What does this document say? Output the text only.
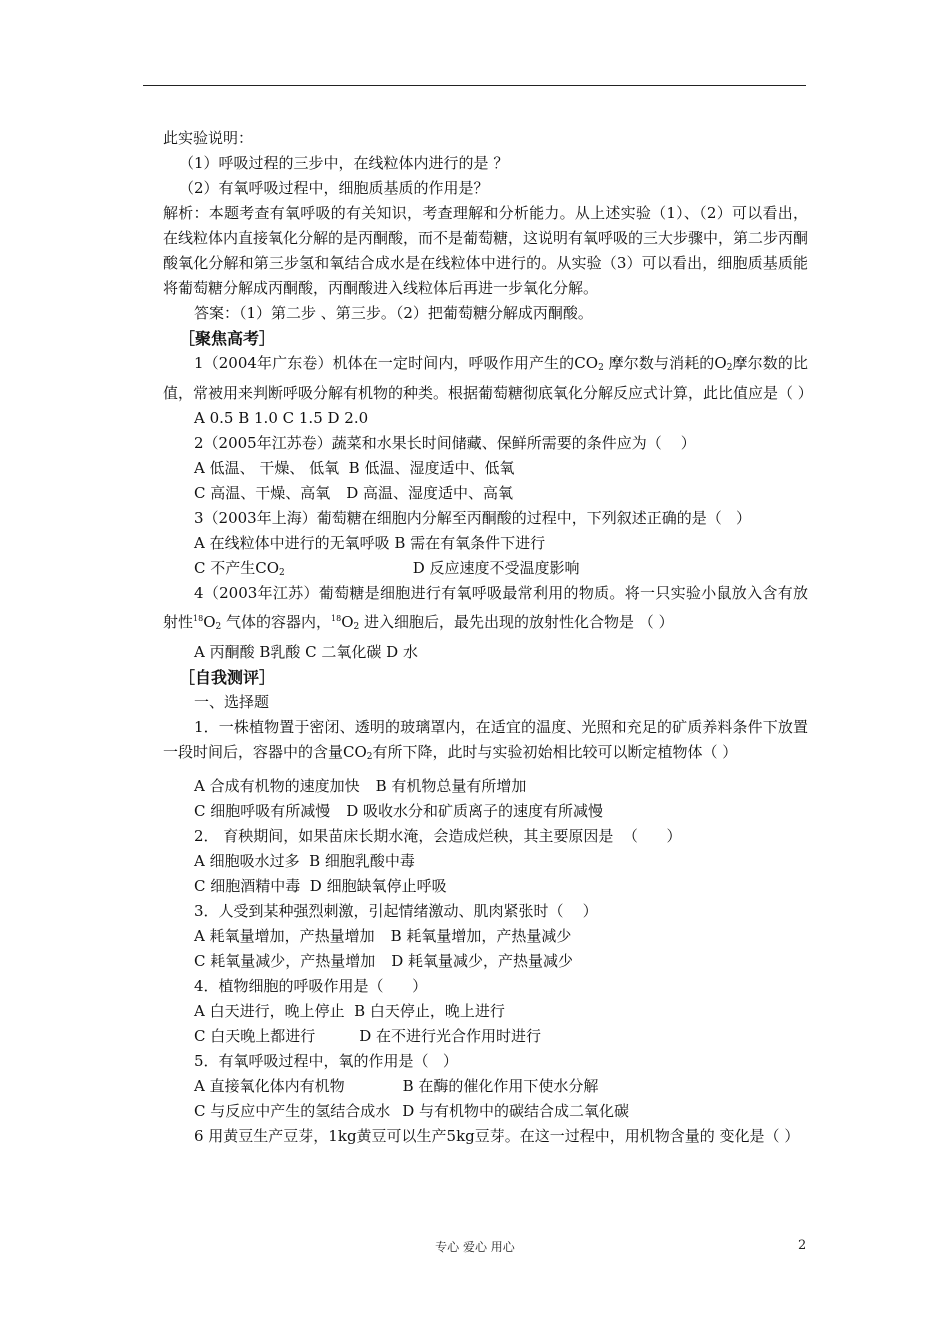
此实验说明：
（1）呼吸过程的三步中，在线粒体内进行的是 ？
（2）有氧呼吸过程中，细胞质基质的作用是？
解析：本题考查有氧呼吸的有关知识，考查理解和分析能力。从上述实验（1）、（2）可以看出，在线粒体内直接氧化分解的是丙酮酸，而不是葡萄糖，这说明有氧呼吸的三大步骤中，第二步丙酮酸氧化分解和第三步氢和氧结合成水是在线粒体中进行的。从实验（3）可以看出，细胞质基质能将葡萄糖分解成丙酮酸，丙酮酸进入线粒体后再进一步氧化分解。
答案：（1）第二步 、第三步。（2）把葡萄糖分解成丙酮酸。
［聚焦高考］
1（2004年广东卷）机体在一定时间内，呼吸作用产生的$CO_2$ 摩尔数与消耗的$O_2$摩尔数的比值，常被用来判断呼吸分解有机物的种类。根据葡萄糖彻底氧化分解反应式计算，此比值应是（ ）
A 0.5 B 1.0 C 1.5 D 2.0
2（2005年江苏卷）蔬菜和水果长时间储藏、保鲜所需要的条件应为（    ）
A 低温、 干燥、 低氧  B 低温、湿度适中、低氧
C 高温、干燥、高氧 D 高温、湿度适中、高氧
3（2003年上海）葡萄糖在细胞内分解至丙酮酸的过程中，下列叙述正确的是（   ）
A 在线粒体中进行的无氧呼吸 B 需在有氧条件下进行
C 不产生$CO_2$	D 反应速度不受温度影响
4（2003年江苏）葡萄糖是细胞进行有氧呼吸最常利用的物质。将一只实验小鼠放入含有放射性$^{18}O_2$ 气体的容器内，$^{18}O_2$ 进入细胞后，最先出现的放射性化合物是 （ ）
A 丙酮酸 B乳酸 C 二氧化碳 D 水
［自我测评］
一、选择题
1．一株植物置于密闭、透明的玻璃罩内，在适宜的温度、光照和充足的矿质养料条件下放置一段时间后，容器中的含量$CO_2$有所下降，此时与实验初始相比较可以断定植物体（ ）
A 合成有机物的速度加快 B 有机物总量有所增加
C 细胞呼吸有所减慢 D 吸收水分和矿质离子的速度有所减慢
2． 育秧期间，如果苗床长期水淹，会造成烂秧，其主要原因是  （      ）
A 细胞吸水过多  B 细胞乳酸中毒
C 细胞酒精中毒  D 细胞缺氧停止呼吸
3．人受到某种强烈刺激，引起情绪激动、肌肉紧张时（    ）
A 耗氧量增加，产热量增加 B 耗氧量增加，产热量减少
C 耗氧量减少，产热量增加 D 耗氧量减少，产热量减少
4．植物细胞的呼吸作用是（      ）
A 白天进行，晚上停止  B 白天停止，晚上进行
C 白天晚上都进行	D 在不进行光合作用时进行
5．有氧呼吸过程中，氧的作用是（   ）
A 直接氧化体内有机物	B 在酶的催化作用下使水分解
C 与反应中产生的氢结合成水 D 与有机物中的碳结合成二氧化碳
6 用黄豆生产豆芽，1kg黄豆可以生产5kg豆芽。在这一过程中，用机物含量的 变化是（ ）
专心 爱心 用心	2
